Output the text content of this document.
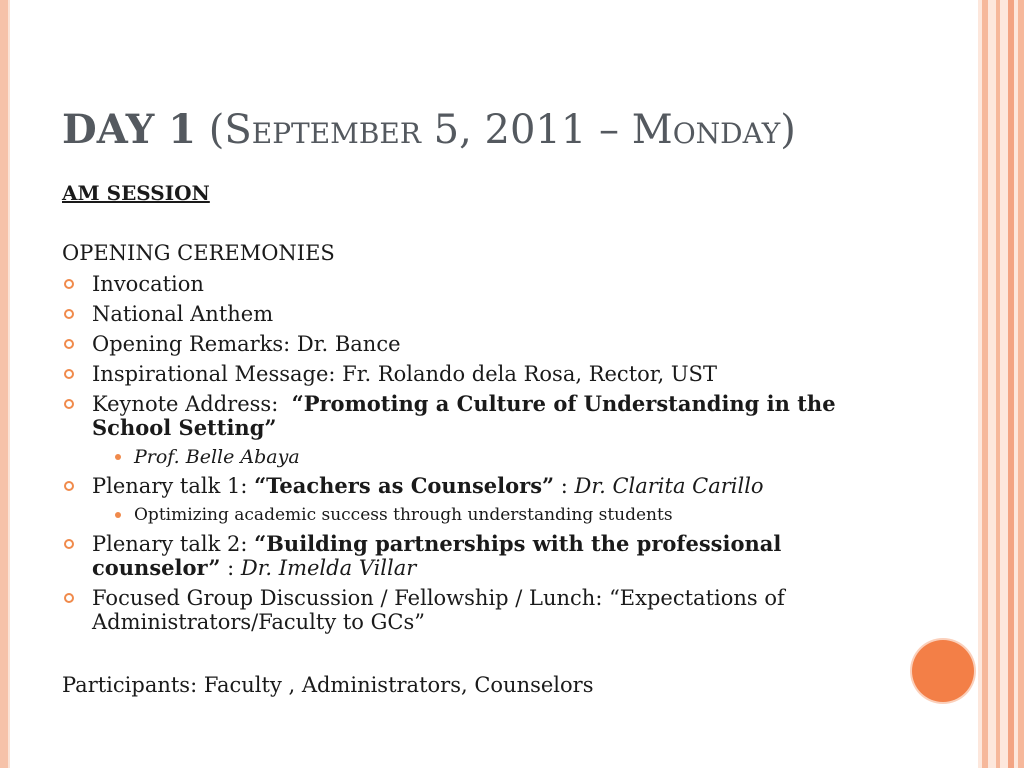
DAY 1 (September 5, 2011 – Monday)
AM SESSION
OPENING CEREMONIES
Invocation
National Anthem
Opening Remarks: Dr. Bance
Inspirational Message: Fr. Rolando dela Rosa, Rector, UST
Keynote Address:  “Promoting a Culture of Understanding in the School Setting”
Prof. Belle Abaya
Plenary talk 1: “Teachers as Counselors” : Dr. Clarita Carillo
Optimizing academic success through understanding students
Plenary talk 2: “Building partnerships with the professional counselor” : Dr. Imelda Villar
Focused Group Discussion / Fellowship / Lunch: “Expectations of Administrators/Faculty to GCs”
Participants: Faculty , Administrators, Counselors
